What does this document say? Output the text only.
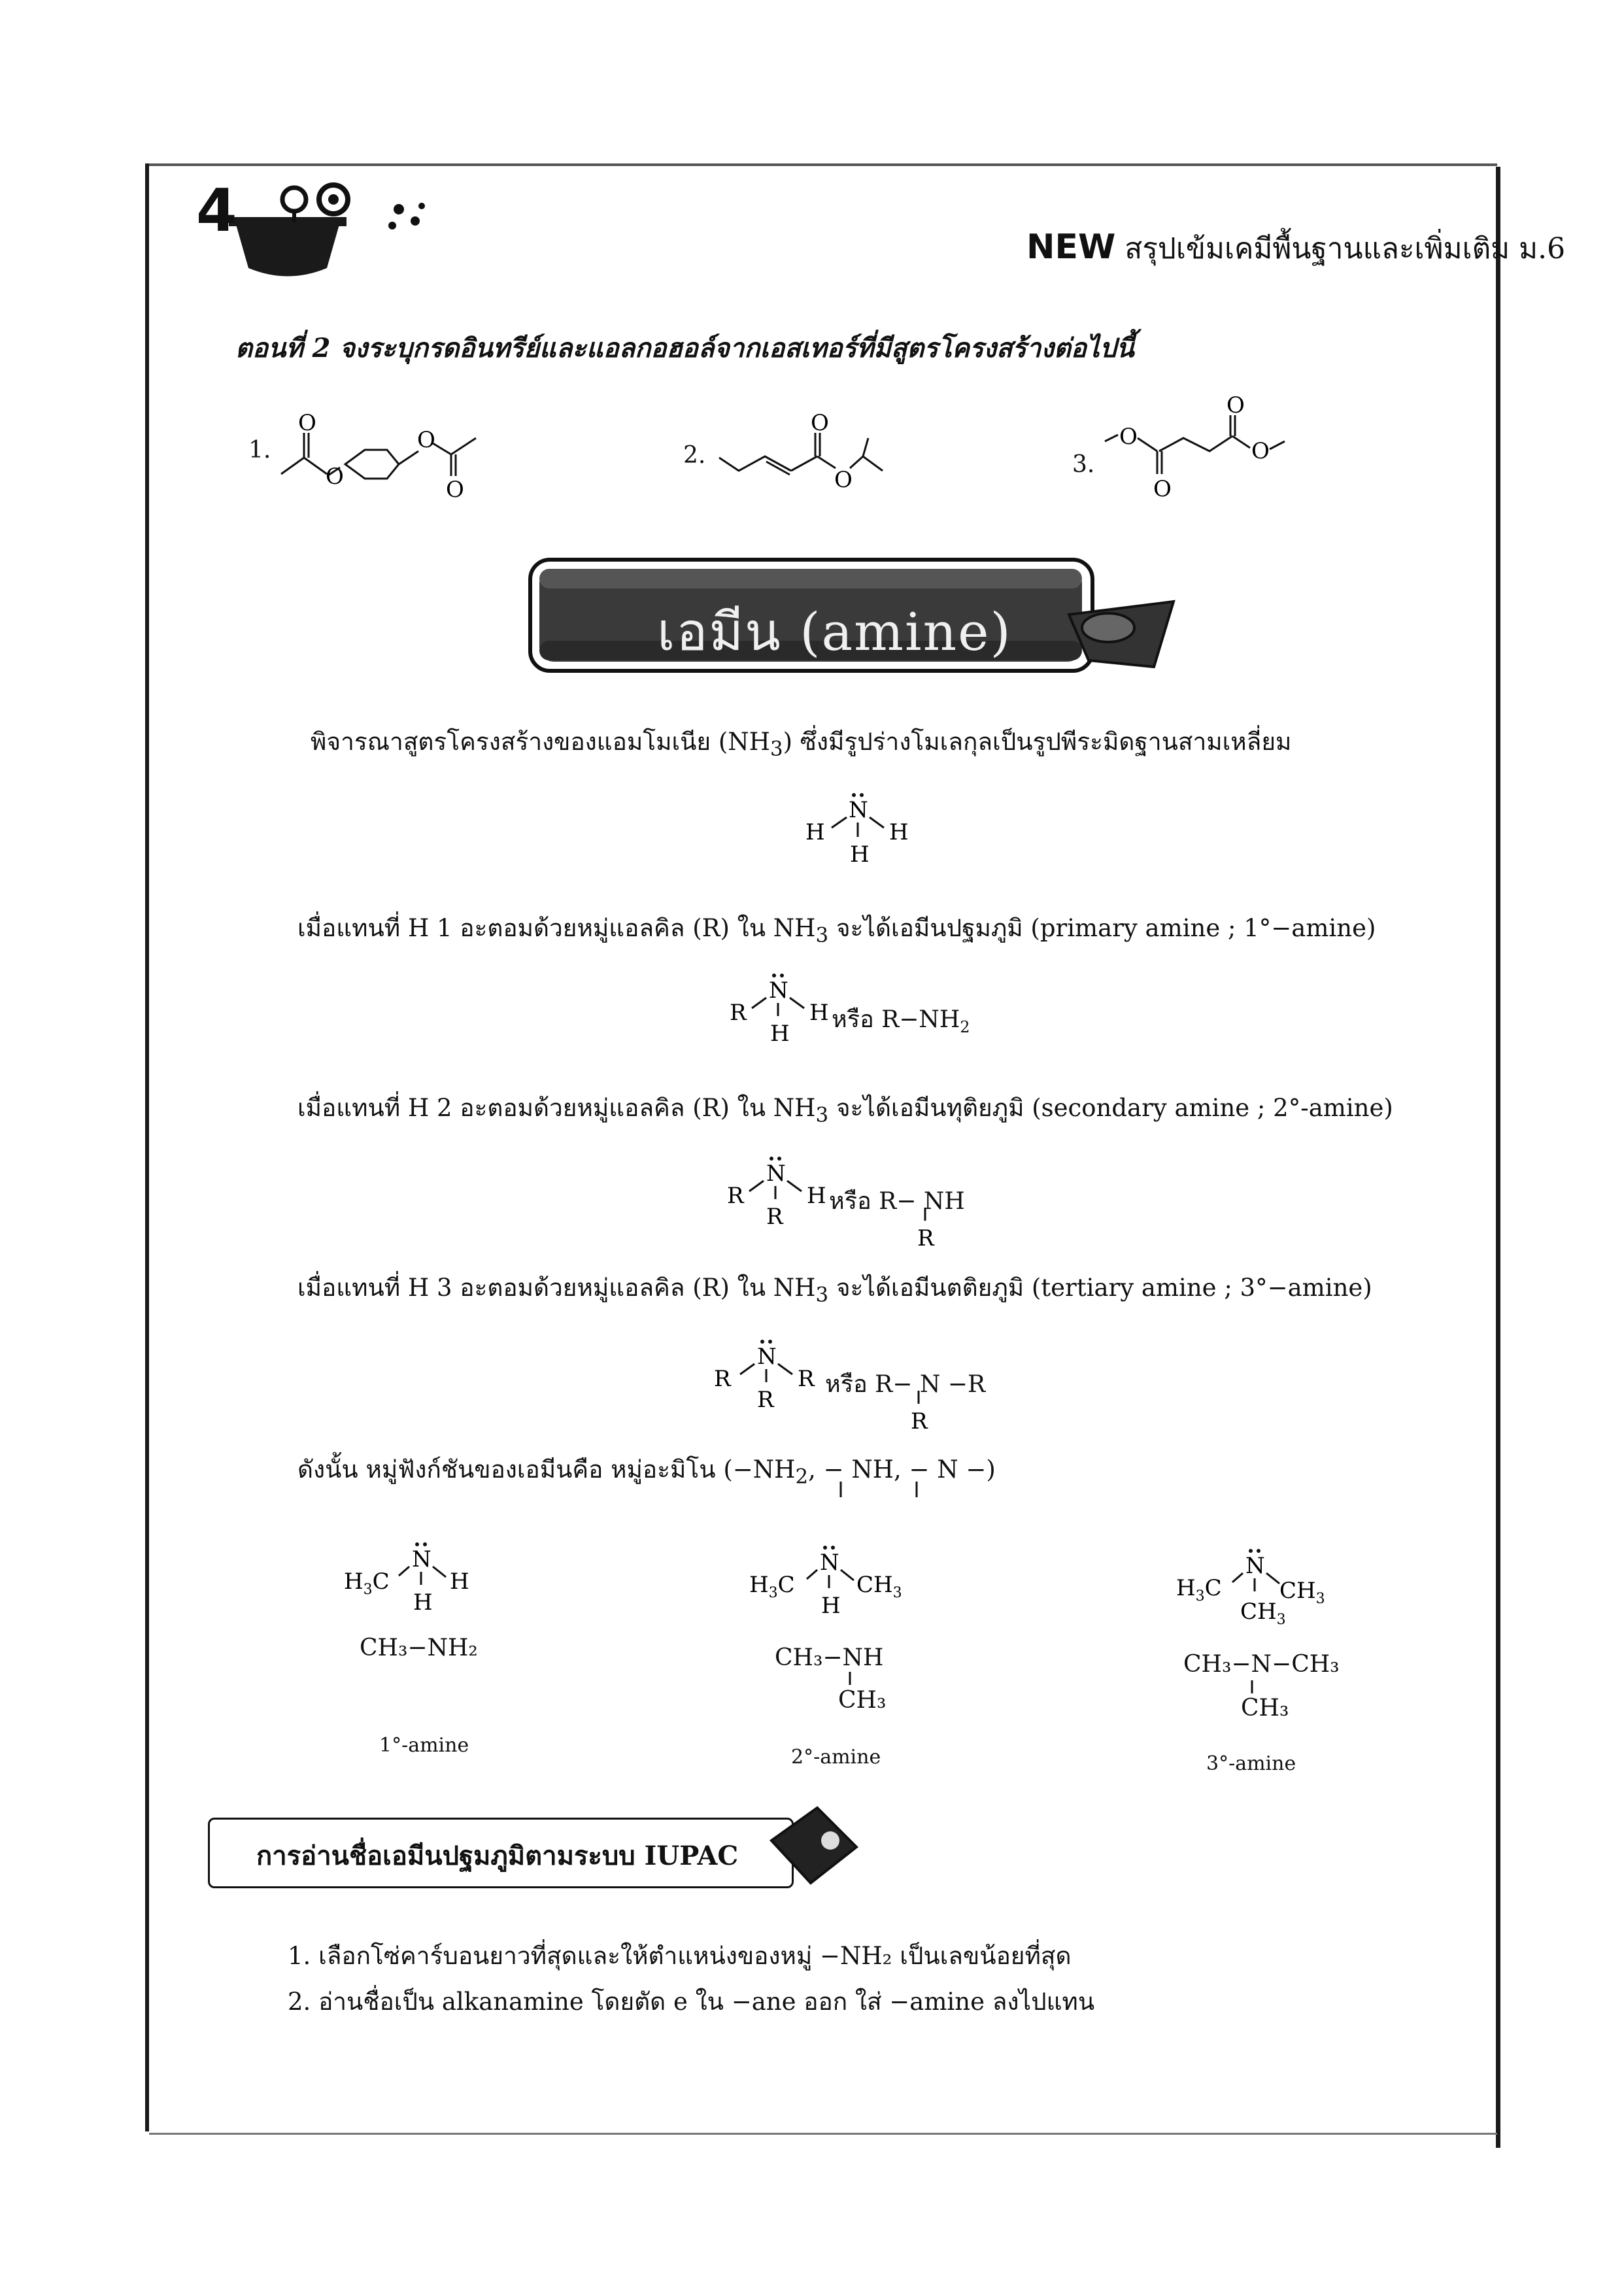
4
NEW สรุปเข้มเคมีพื้นฐานและเพิ่มเติม ม.6
ตอนที่ 2 จงระบุกรดอินทรีย์และแอลกอฮอล์จากเอสเทอร์ที่มีสูตรโครงสร้างต่อไปนี้
1.
O
O
O
O
2.
O
O
3.
O
O
O
O
เอมีน (amine)
พิจารณาสูตรโครงสร้างของแอมโมเนีย $(NH_3)$ ซึ่งมีรูปร่างโมเลกุลเป็นรูปพีระมิดฐานสามเหลี่ยม
N
H	H
H
เมื่อแทนที่ H 1 อะตอมด้วยหมู่แอลคิล (R) ใน $NH_3$ จะได้เอมีนปฐมภูมิ (primary amine ; 1°−amine)
N
R	H
H
หรือ $R-NH_2$
เมื่อแทนที่ H 2 อะตอมด้วยหมู่แอลคิล (R) ใน $NH_3$ จะได้เอมีนทุติยภูมิ (secondary amine ; 2°-amine)
N
R	H
R
หรือ R− NH
R
เมื่อแทนที่ H 3 อะตอมด้วยหมู่แอลคิล (R) ใน $NH_3$ จะได้เอมีนตติยภูมิ (tertiary amine ; 3°−amine)
N
R	R
R
หรือ R− N −R
R
ดังนั้น หมู่ฟังก์ชันของเอมีนคือ หมู่อะมิโน ($-NH_2$, − NH, − N −)
N
$H_3C$	H
H
CH₃−NH₂
1°-amine
N
$H_3C$	$CH_3$
H
CH₃−NH
CH₃
2°-amine
N
$H_3C$	$CH_3$
$CH_3$
CH₃−N−CH₃
CH₃
3°-amine
การอ่านชื่อเอมีนปฐมภูมิตามระบบ IUPAC
1. เลือกโซ่คาร์บอนยาวที่สุดและให้ตำแหน่งของหมู่ −NH₂ เป็นเลขน้อยที่สุด
2. อ่านชื่อเป็น alkanamine โดยตัด e ใน −ane ออก ใส่ −amine ลงไปแทน
